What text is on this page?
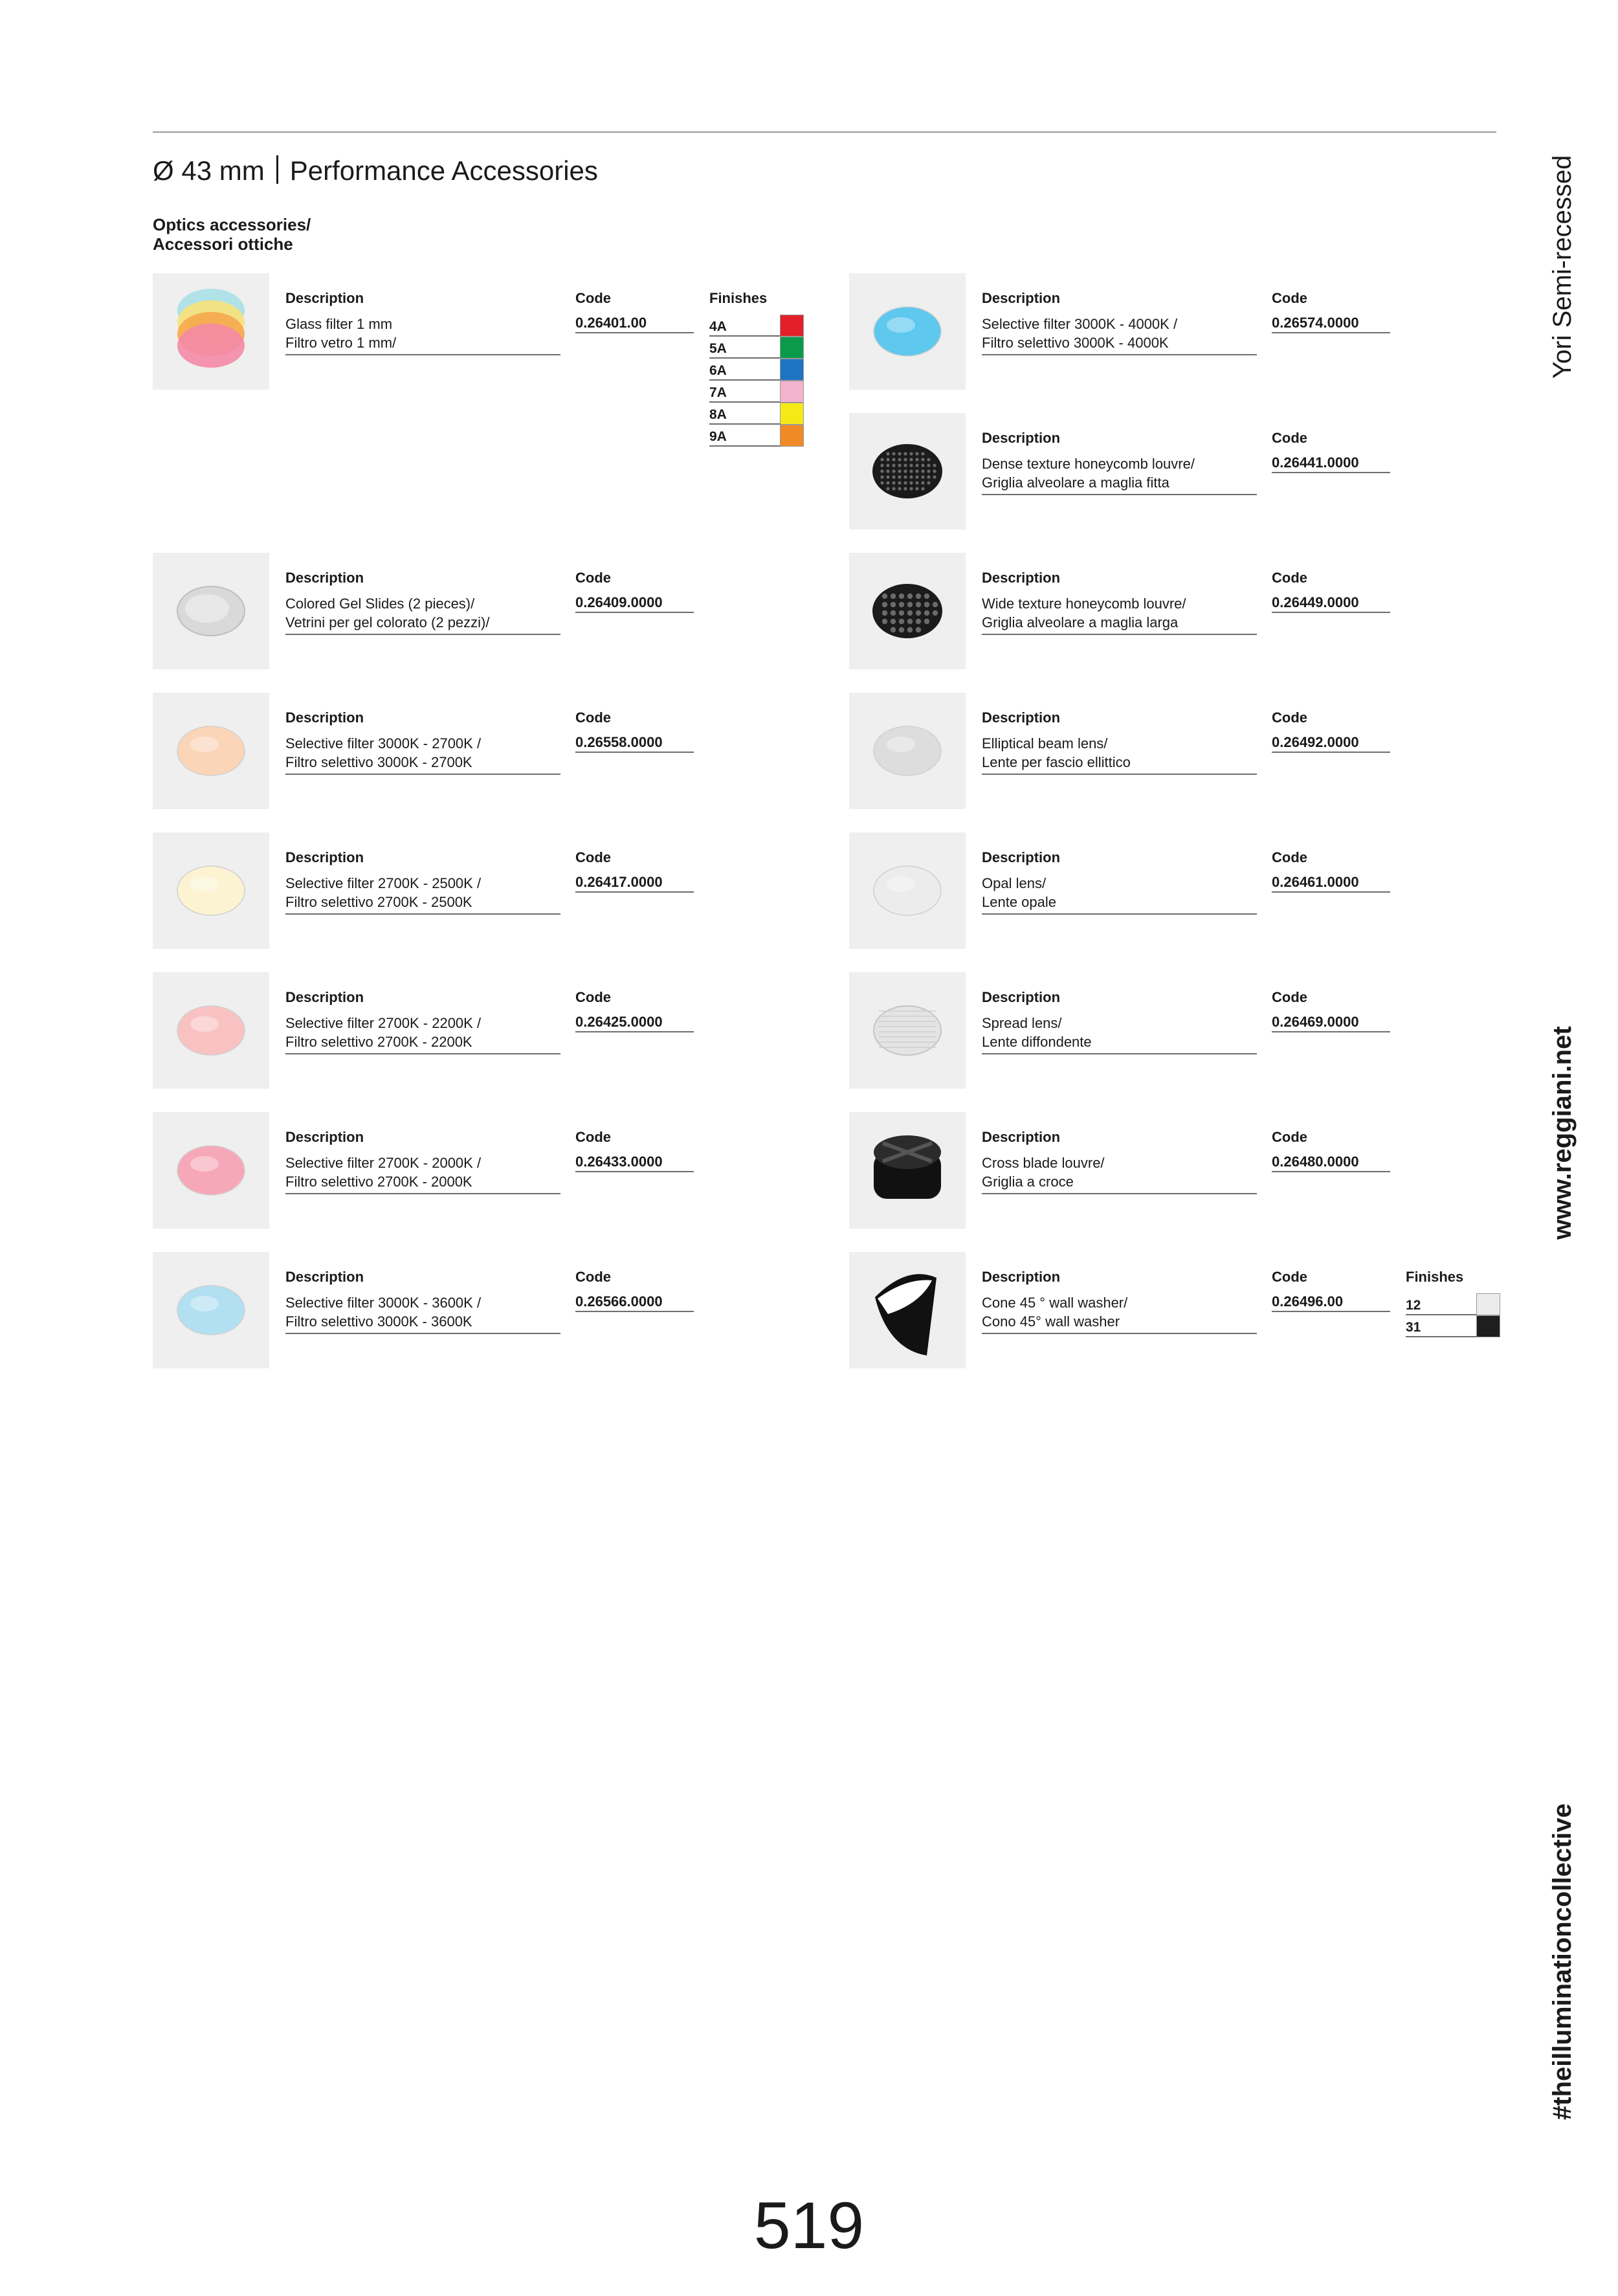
Ø 43 mm Performance Accessories
Optics accessories/
Accessori ottiche	Yori Semi-recessed
www.reggiani.net
#theilluminationcollective
Description
Glass filter 1 mm
Filtro vetro 1 mm/
Code
0.26401.00
Finishes
4A
5A
6A
7A
8A
9A
Description
Colored Gel Slides (2 pieces)/
Vetrini per gel colorato (2 pezzi)/
Code
0.26409.0000
Description
Selective filter 3000K - 2700K /
Filtro selettivo 3000K - 2700K
Code
0.26558.0000
Description
Selective filter 2700K - 2500K /
Filtro selettivo 2700K - 2500K
Code
0.26417.0000
Description
Selective filter 2700K - 2200K /
Filtro selettivo 2700K - 2200K
Code
0.26425.0000
Description
Selective filter 2700K - 2000K /
Filtro selettivo 2700K - 2000K
Code
0.26433.0000
Description
Selective filter 3000K - 3600K /
Filtro selettivo 3000K - 3600K
Code
0.26566.0000
Description
Selective filter 3000K - 4000K /
Filtro selettivo 3000K - 4000K
Code
0.26574.0000
Description
Dense texture honeycomb louvre/
Griglia alveolare a maglia fitta
Code
0.26441.0000
Description
Wide texture honeycomb louvre/
Griglia alveolare a maglia larga
Code
0.26449.0000
Description
Elliptical beam lens/
Lente per fascio ellittico
Code
0.26492.0000
Description
Opal lens/
Lente opale
Code
0.26461.0000
Description
Spread lens/
Lente diffondente
Code
0.26469.0000
Description
Cross blade louvre/
Griglia a croce
Code
0.26480.0000
Description
Cone 45 ° wall washer/
Cono 45° wall washer
Code
0.26496.00
Finishes
12
31
519
